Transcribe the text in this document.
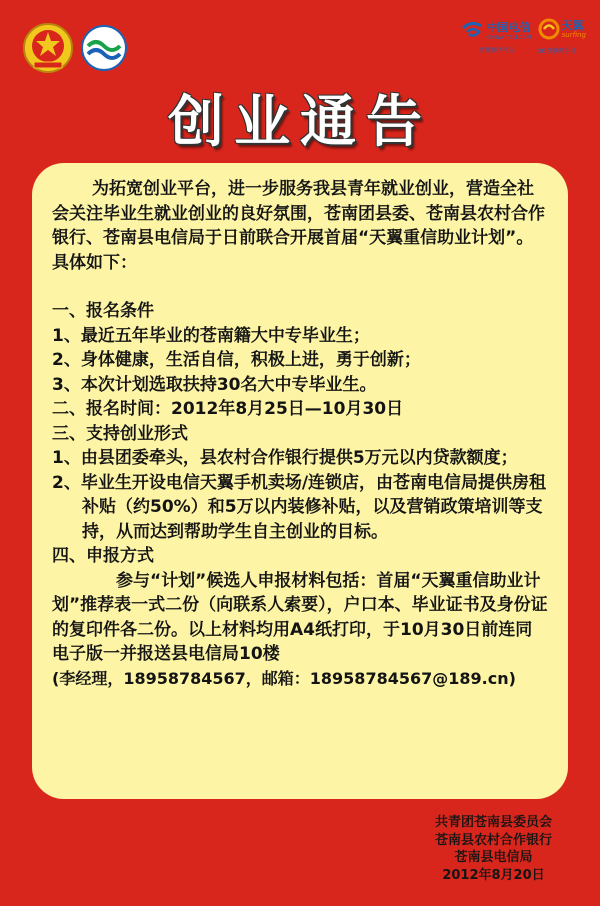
中国电信
CHINA TELECOM
世界触手可及
天翼
surfing
3G互联网手机
创业通告

为拓宽创业平台，进一步服务我县青年就业创业，营造全社会关注毕业生就业创业的良好氛围，苍南团县委、苍南县农村合作银行、苍南县电信局于日前联合开展首届“天翼重信助业计划”。具体如下：

一、报名条件

1、最近五年毕业的苍南籍大中专毕业生；

2、身体健康，生活自信，积极上进，勇于创新；

3、本次计划选取扶持30名大中专毕业生。

二、报名时间：2012年8月25日—10月30日

三、支持创业形式

1、由县团委牵头，县农村合作银行提供5万元以内贷款额度；

2、毕业生开设电信天翼手机卖场/连锁店，由苍南电信局提供房租补贴（约50%）和5万以内装修补贴，以及营销政策培训等支持，从而达到帮助学生自主创业的目标。

四、申报方式

参与“计划”候选人申报材料包括：首届“天翼重信助业计划”推荐表一式二份（向联系人索要），户口本、毕业证书及身份证的复印件各二份。以上材料均用A4纸打印，于10月30日前连同电子版一并报送县电信局10楼

(李经理，18958784567，邮箱：18958784567@189.cn)

共青团苍南县委员会
苍南县农村合作银行
苍南县电信局
2012年8月20日
